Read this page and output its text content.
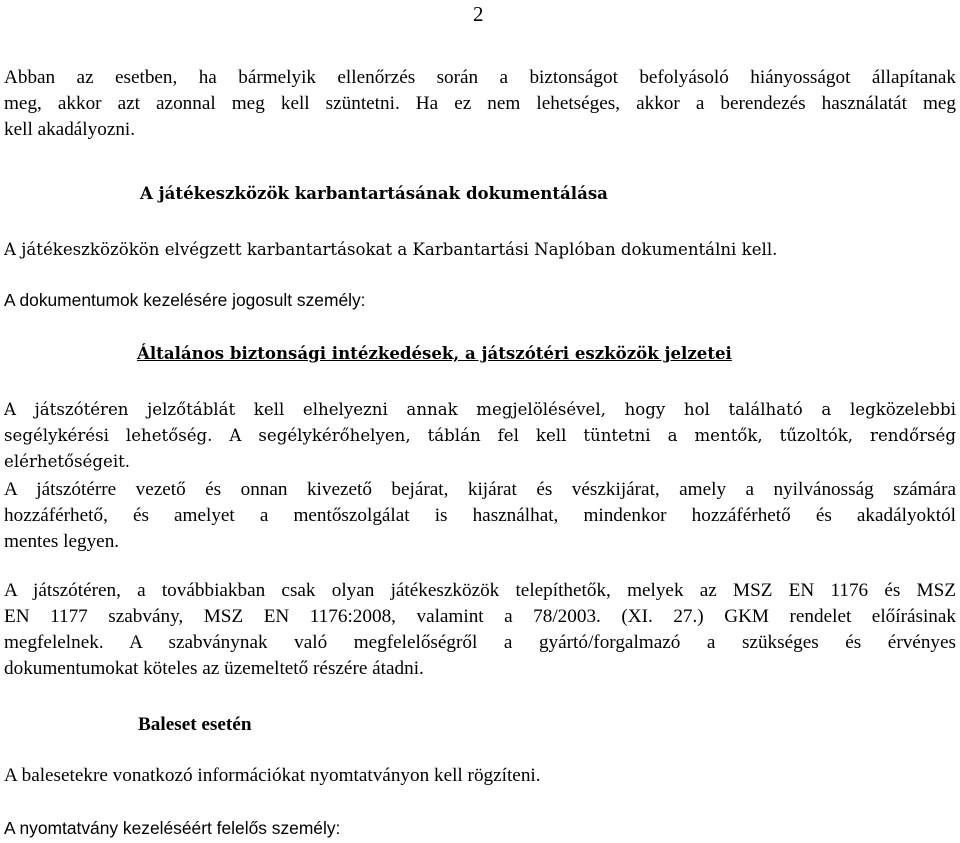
2
Abban az esetben, ha bármelyik ellenőrzés során a biztonságot befolyásoló hiányosságot állapítanak
meg, akkor azt azonnal meg kell szüntetni. Ha ez nem lehetséges, akkor a berendezés használatát meg
kell akadályozni.
A játékeszközök karbantartásának dokumentálása
A játékeszközökön elvégzett karbantartásokat a Karbantartási Naplóban dokumentálni kell.
A dokumentumok kezelésére jogosult személy:
Általános biztonsági intézkedések, a játszótéri eszközök jelzetei
A játszótéren jelzőtáblát kell elhelyezni annak megjelölésével, hogy hol található a legközelebbi
segélykérési lehetőség. A segélykérőhelyen, táblán fel kell tüntetni a mentők, tűzoltók, rendőrség
elérhetőségeit.
A játszótérre vezető és onnan kivezető bejárat, kijárat és vészkijárat, amely a nyilvánosság számára
hozzáférhető, és amelyet a mentőszolgálat is használhat, mindenkor hozzáférhető és akadályoktól
mentes legyen.
A játszótéren, a továbbiakban csak olyan játékeszközök telepíthetők, melyek az MSZ EN 1176 és MSZ
EN 1177 szabvány, MSZ EN 1176:2008, valamint a 78/2003. (XI. 27.) GKM rendelet előírásinak
megfelelnek. A szabványnak való megfelelőségről a gyártó/forgalmazó a szükséges és érvényes
dokumentumokat köteles az üzemeltető részére átadni.
Baleset esetén
A balesetekre vonatkozó információkat nyomtatványon kell rögzíteni.
A nyomtatvány kezeléséért felelős személy:
